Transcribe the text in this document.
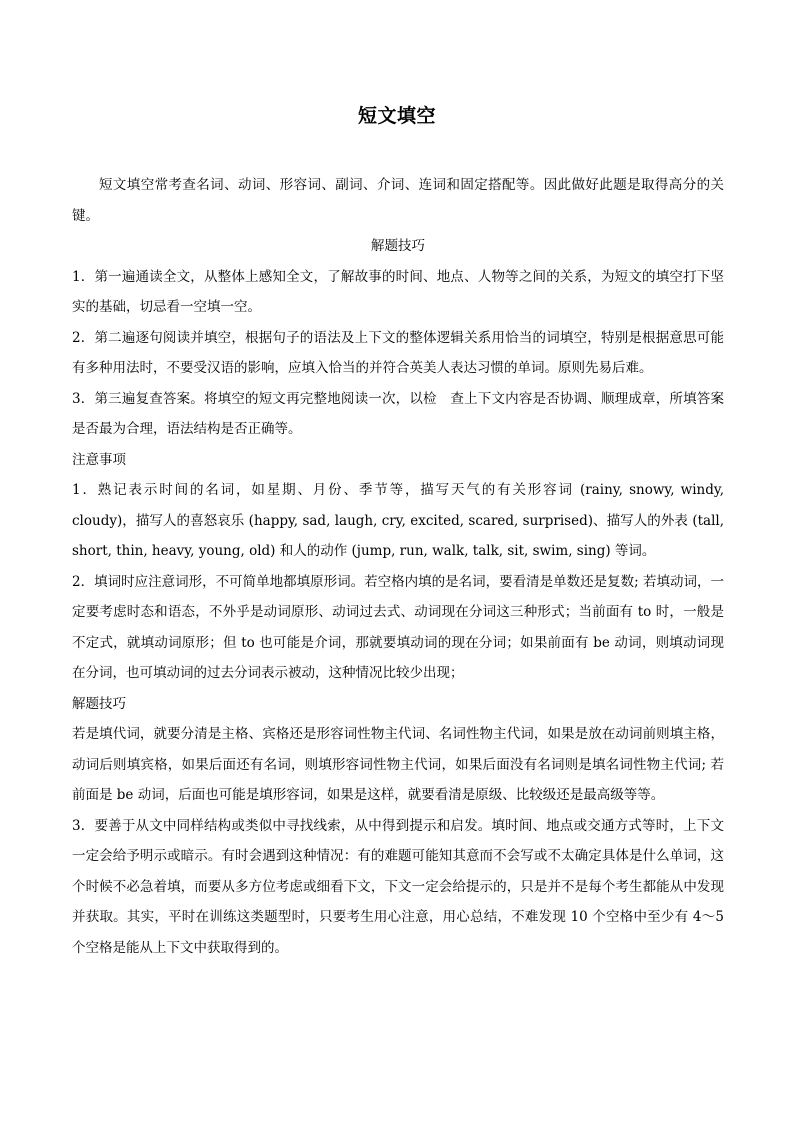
短文填空

短文填空常考查名词、动词、形容词、副词、介词、连词和固定搭配等。因此做好此题是取得高分的关键。

解题技巧

1．第一遍通读全文，从整体上感知全文，了解故事的时间、地点、人物等之间的关系，为短文的填空打下坚实的基础，切忌看一空填一空。

2．第二遍逐句阅读并填空，根据句子的语法及上下文的整体逻辑关系用恰当的词填空，特别是根据意思可能有多种用法时，不要受汉语的影响，应填入恰当的并符合英美人表达习惯的单词。原则先易后难。

3．第三遍复查答案。将填空的短文再完整地阅读一次，以检　查上下文内容是否协调、顺理成章，所填答案是否最为合理，语法结构是否正确等。

注意事项

1．熟记表示时间的名词，如星期、月份、季节等，描写天气的有关形容词 (rainy, snowy, windy, cloudy)，描写人的喜怒哀乐 (happy, sad, laugh, cry, excited, scared, surprised)、描写人的外表 (tall, short, thin, heavy, young, old) 和人的动作 (jump, run, walk, talk, sit, swim, sing) 等词。

2．填词时应注意词形，不可简单地都填原形词。若空格内填的是名词，要看清是单数还是复数; 若填动词，一定要考虑时态和语态，不外乎是动词原形、动词过去式、动词现在分词这三种形式；当前面有 to 时，一般是不定式，就填动词原形；但 to 也可能是介词，那就要填动词的现在分词；如果前面有 be 动词，则填动词现在分词，也可填动词的过去分词表示被动，这种情况比较少出现；

解题技巧

若是填代词，就要分清是主格、宾格还是形容词性物主代词、名词性物主代词，如果是放在动词前则填主格，动词后则填宾格，如果后面还有名词，则填形容词性物主代词，如果后面没有名词则是填名词性物主代词; 若前面是 be 动词，后面也可能是填形容词，如果是这样，就要看清是原级、比较级还是最高级等等。

3．要善于从文中同样结构或类似中寻找线索，从中得到提示和启发。填时间、地点或交通方式等时，上下文一定会给予明示或暗示。有时会遇到这种情况：有的难题可能知其意而不会写或不太确定具体是什么单词，这个时候不必急着填，而要从多方位考虑或细看下文，下文一定会给提示的，只是并不是每个考生都能从中发现并获取。其实，平时在训练这类题型时，只要考生用心注意，用心总结，不难发现 10 个空格中至少有 4～5 个空格是能从上下文中获取得到的。
